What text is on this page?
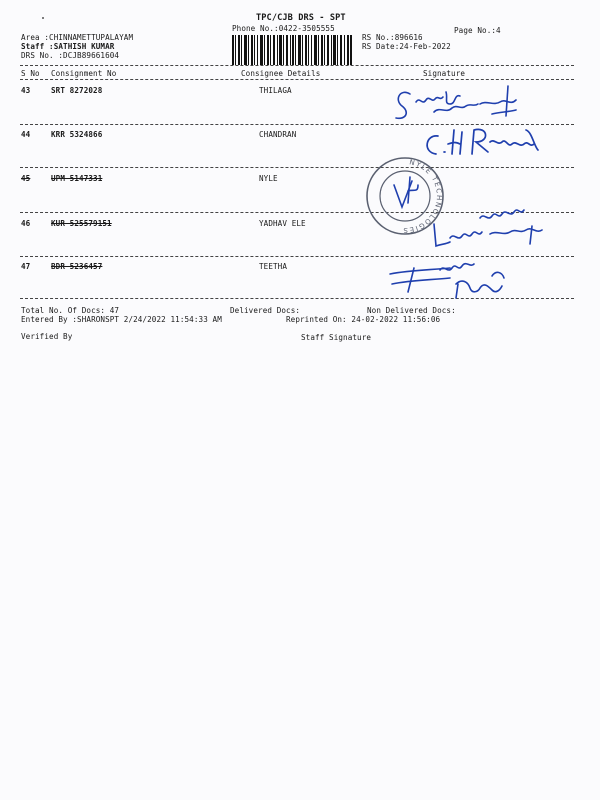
TPC/CJB DRS - SPT
Phone No.:0422-3505555	Page No.:4
Area :CHINNAMETTUPALAYAM
Staff :SATHISH KUMAR
DRS No. :DCJB89661604
RS No.:896616
RS Date:24-Feb-2022
S No Consignment No	Consignee Details	Signature
43	SRT 8272028	THILAGA
44	KRR 5324866	CHANDRAN
45	UPM 5147331	NYLE
46	KUR 525579151	YADHAV ELE
47	BDR 5236457	TEETHA
Total No. Of Docs: 47	Delivered Docs:	Non Delivered Docs:
Entered By :SHARONSPT 2/24/2022 11:54:33 AM	Reprinted On: 24-02-2022 11:56:06
Verified By	Staff Signature
NYLE TECHNOLOGIES
